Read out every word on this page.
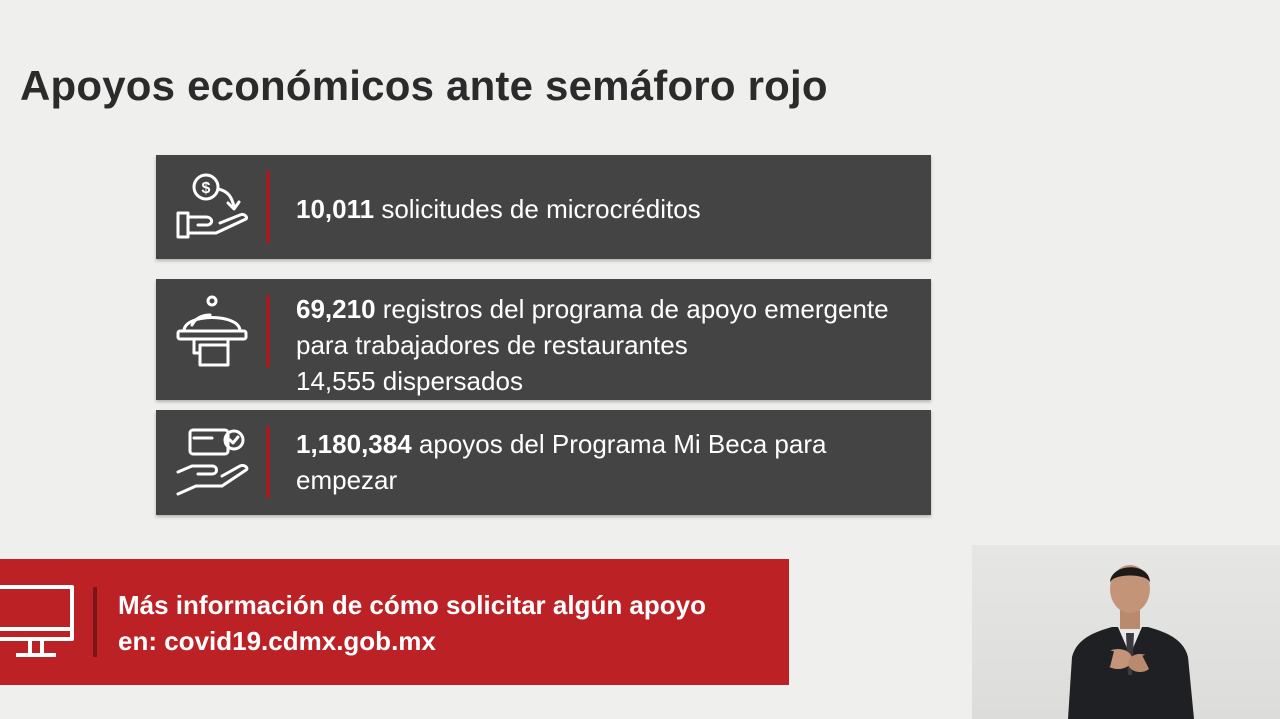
Apoyos económicos ante semáforo rojo
$
10,011 solicitudes de microcréditos
69,210 registros del programa de apoyo emergente para trabajadores de restaurantes
14,555 dispersados
1,180,384 apoyos del Programa Mi Beca para empezar
Más información de cómo solicitar algún apoyo
en: covid19.cdmx.gob.mx
